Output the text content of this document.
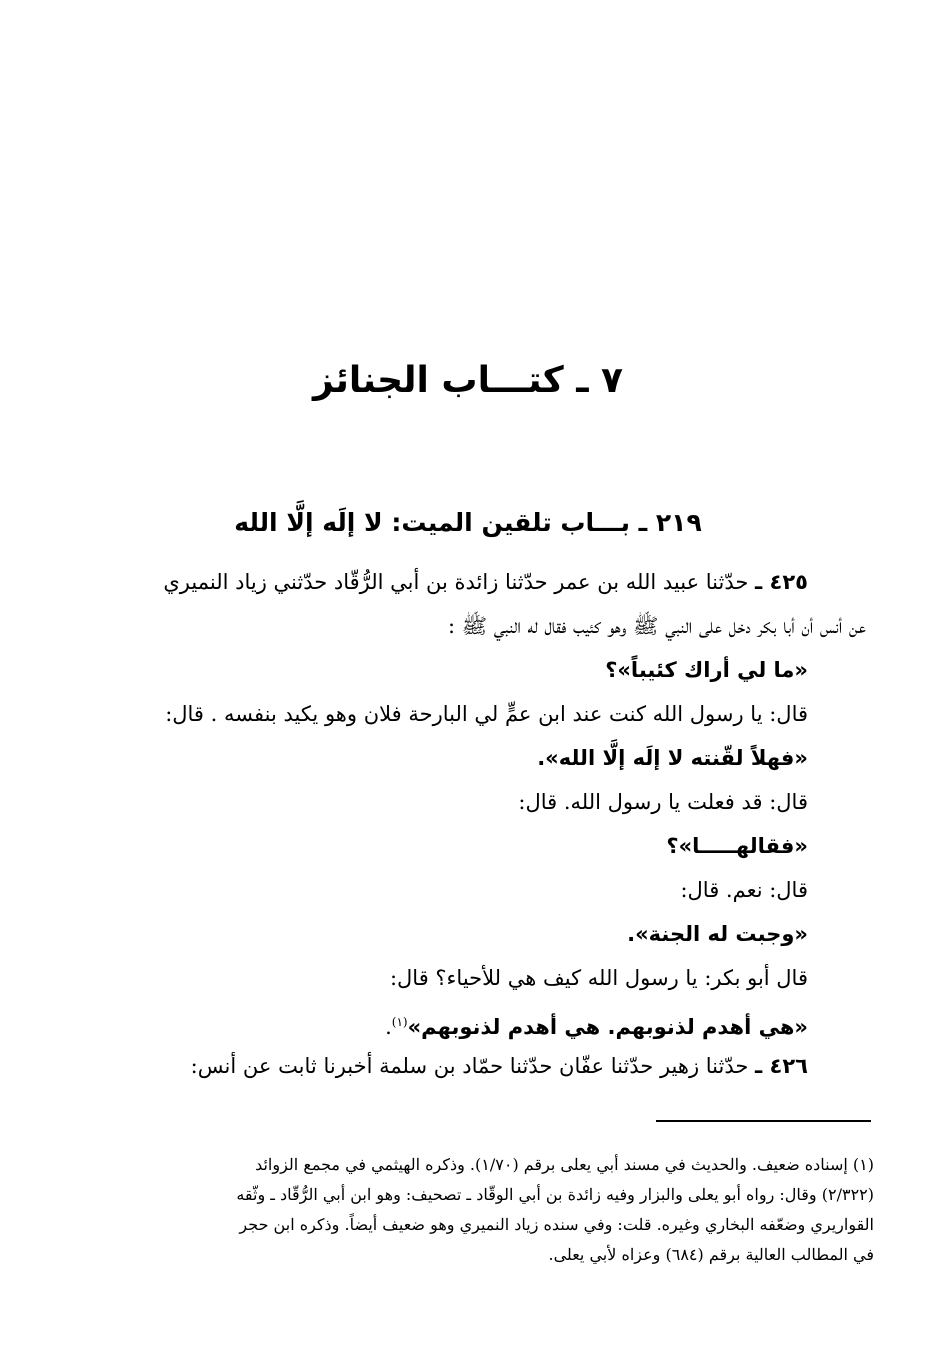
٧ ـ كتـــاب الجنائز
٢١٩ ـ بـــاب تلقين الميت: لا إلَه إلَّا الله
٤٢٥ ـ حدّثنا عبيد الله بن عمر حدّثنا زائدة بن أبي الرُّقّاد حدّثني زياد النميري
عن أنس أن أبا بكر دخل على النبي ﷺ وهو كئيب فقال له النبي ﷺ :
«ما لي أراك كئيباً»؟
قال: يا رسول الله كنت عند ابن عمٍّ لي البارحة فلان وهو يكيد بنفسه . قال:
«فهلاً لقّنته لا إلَه إلَّا الله».
قال: قد فعلت يا رسول الله. قال:
«فقالهـــــا»؟
قال: نعم. قال:
«وجبت له الجنة».
قال أبو بكر: يا رسول الله كيف هي للأحياء؟ قال:
«هي أهدم لذنوبهم. هي أهدم لذنوبهم»$^{(١)}$.
٤٢٦ ـ حدّثنا زهير حدّثنا عفّان حدّثنا حمّاد بن سلمة أخبرنا ثابت عن أنس:
(١) إسناده ضعيف. والحديث في مسند أبي يعلى برقم (١/٧٠). وذكره الهيثمي في مجمع الزوائد
(٢/٣٢٢) وقال: رواه أبو يعلى والبزار وفيه زائدة بن أبي الوقّاد ـ تصحيف: وهو ابن أبي الرُّقّاد ـ وثّقه
القواريري وضعّفه البخاري وغيره. قلت: وفي سنده زياد النميري وهو ضعيف أيضاً. وذكره ابن حجر
في المطالب العالية برقم (٦٨٤) وعزاه لأبي يعلى.
